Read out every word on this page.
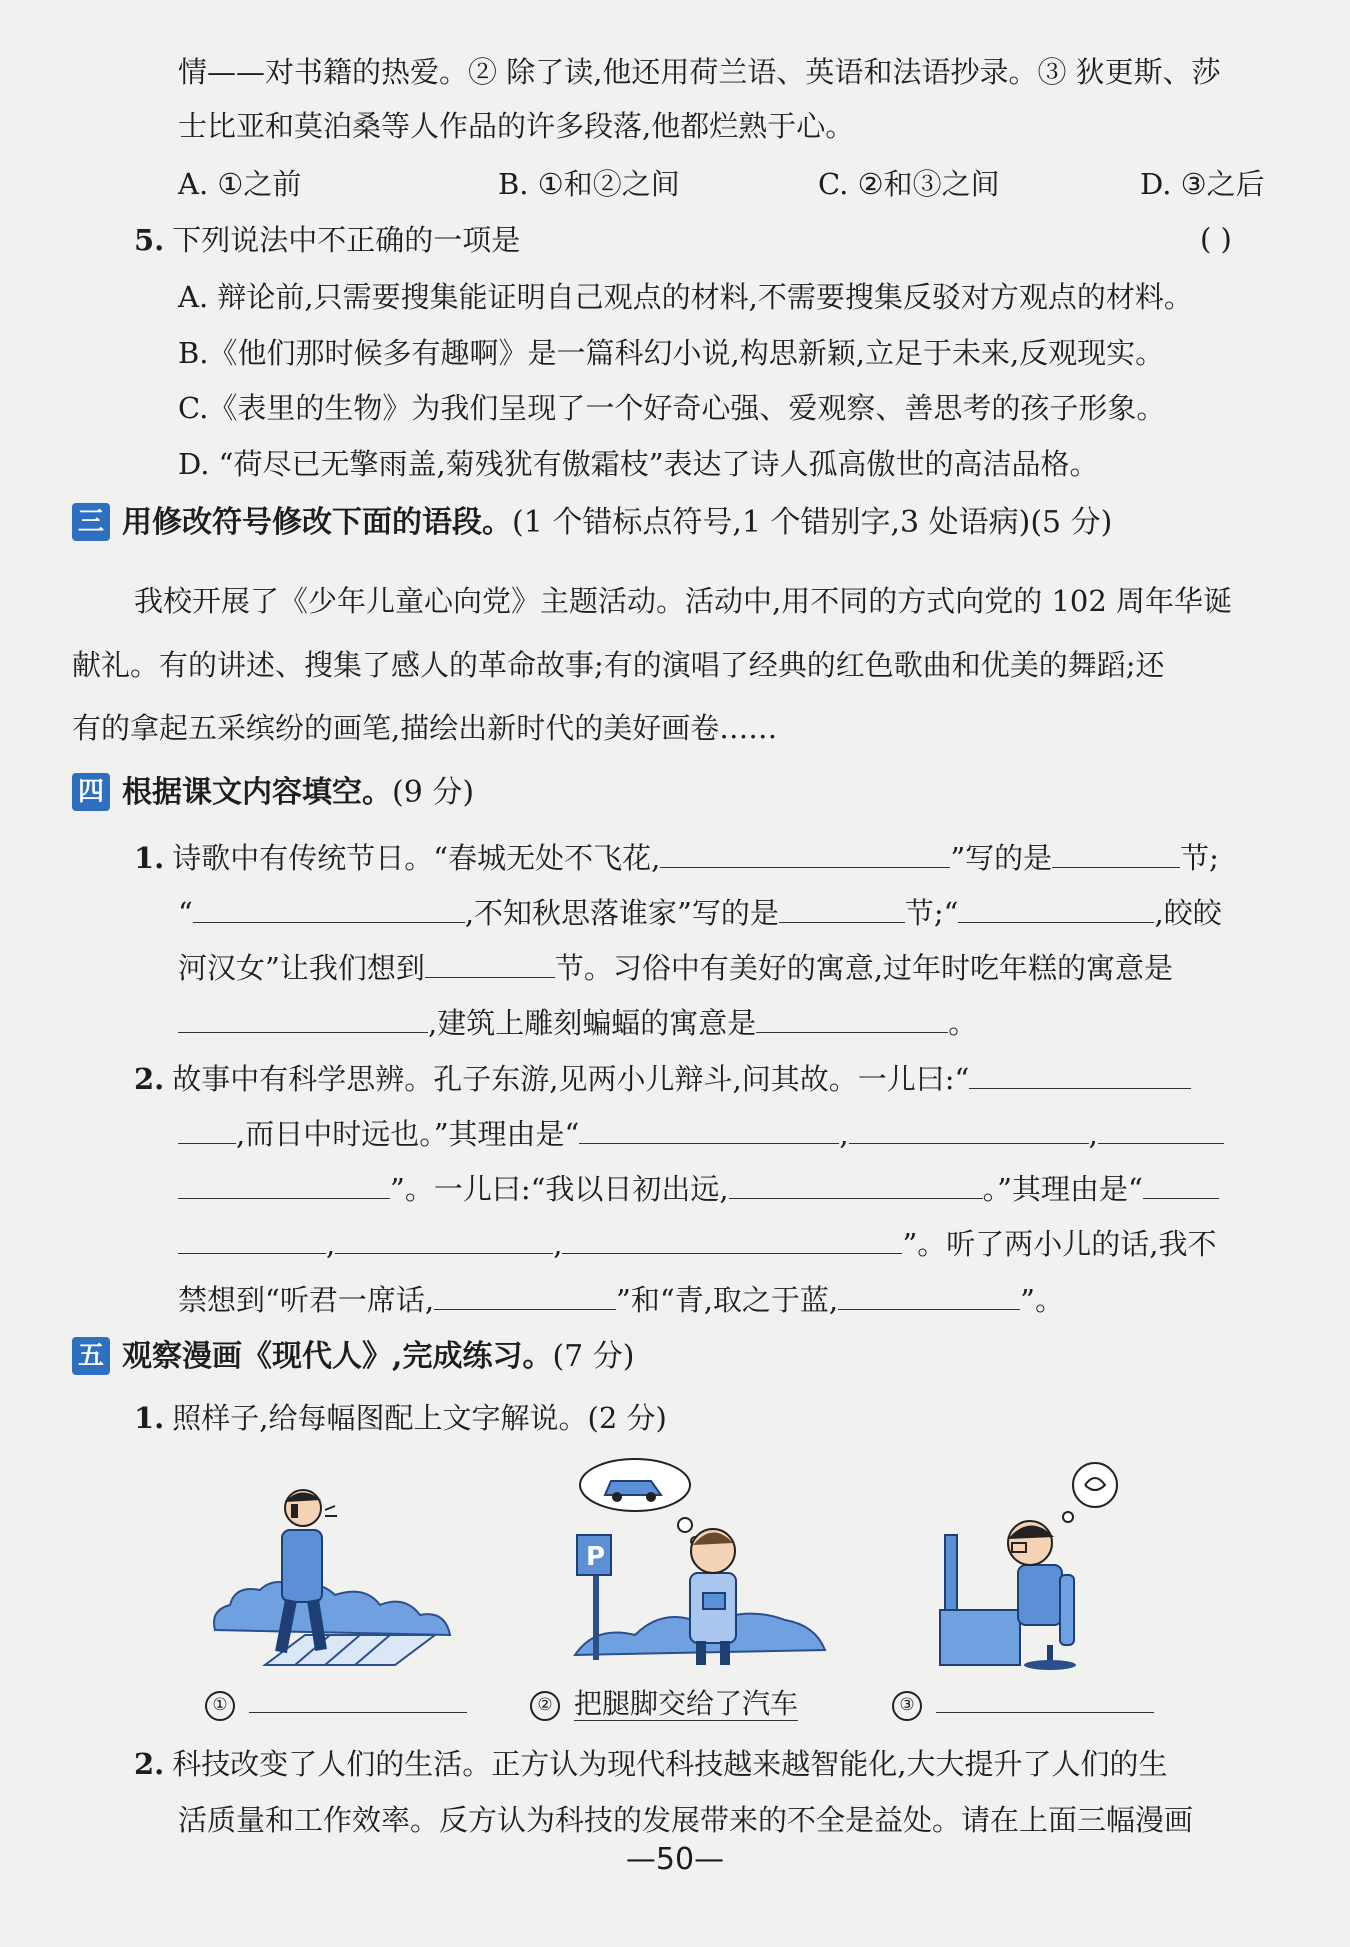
情——对书籍的热爱。② 除了读,他还用荷兰语、英语和法语抄录。③ 狄更斯、莎
士比亚和莫泊桑等人作品的许多段落,他都烂熟于心。
A. ①之前	B. ①和②之间	C. ②和③之间	D. ③之后
5. 下列说法中不正确的一项是	( )
A. 辩论前,只需要搜集能证明自己观点的材料,不需要搜集反驳对方观点的材料。
B.《他们那时候多有趣啊》是一篇科幻小说,构思新颖,立足于未来,反观现实。
C.《表里的生物》为我们呈现了一个好奇心强、爱观察、善思考的孩子形象。
D. “荷尽已无擎雨盖,菊残犹有傲霜枝”表达了诗人孤高傲世的高洁品格。
三 用修改符号修改下面的语段。(1 个错标点符号,1 个错别字,3 处语病)(5 分)
我校开展了《少年儿童心向党》主题活动。活动中,用不同的方式向党的 102 周年华诞
献礼。有的讲述、搜集了感人的革命故事;有的演唱了经典的红色歌曲和优美的舞蹈;还
有的拿起五采缤纷的画笔,描绘出新时代的美好画卷……
四 根据课文内容填空。(9 分)
1. 诗歌中有传统节日。“春城无处不飞花,	”写的是	节;
“	,不知秋思落谁家”写的是	节;“	,皎皎
河汉女”让我们想到	节。习俗中有美好的寓意,过年时吃年糕的寓意是
,建筑上雕刻蝙蝠的寓意是	。
2. 故事中有科学思辨。孔子东游,见两小儿辩斗,问其故。一儿曰:“
,而日中时远也。”其理由是“	,	,
”。一儿曰:“我以日初出远,	。”其理由是“
,	,	”。听了两小儿的话,我不
禁想到“听君一席话,	”和“青,取之于蓝,	”。
五 观察漫画《现代人》,完成练习。(7 分)
1. 照样子,给每幅图配上文字解说。(2 分)
P
①	② 把腿脚交给了汽车	③
2. 科技改变了人们的生活。正方认为现代科技越来越智能化,大大提升了人们的生
活质量和工作效率。反方认为科技的发展带来的不全是益处。请在上面三幅漫画
—50—
